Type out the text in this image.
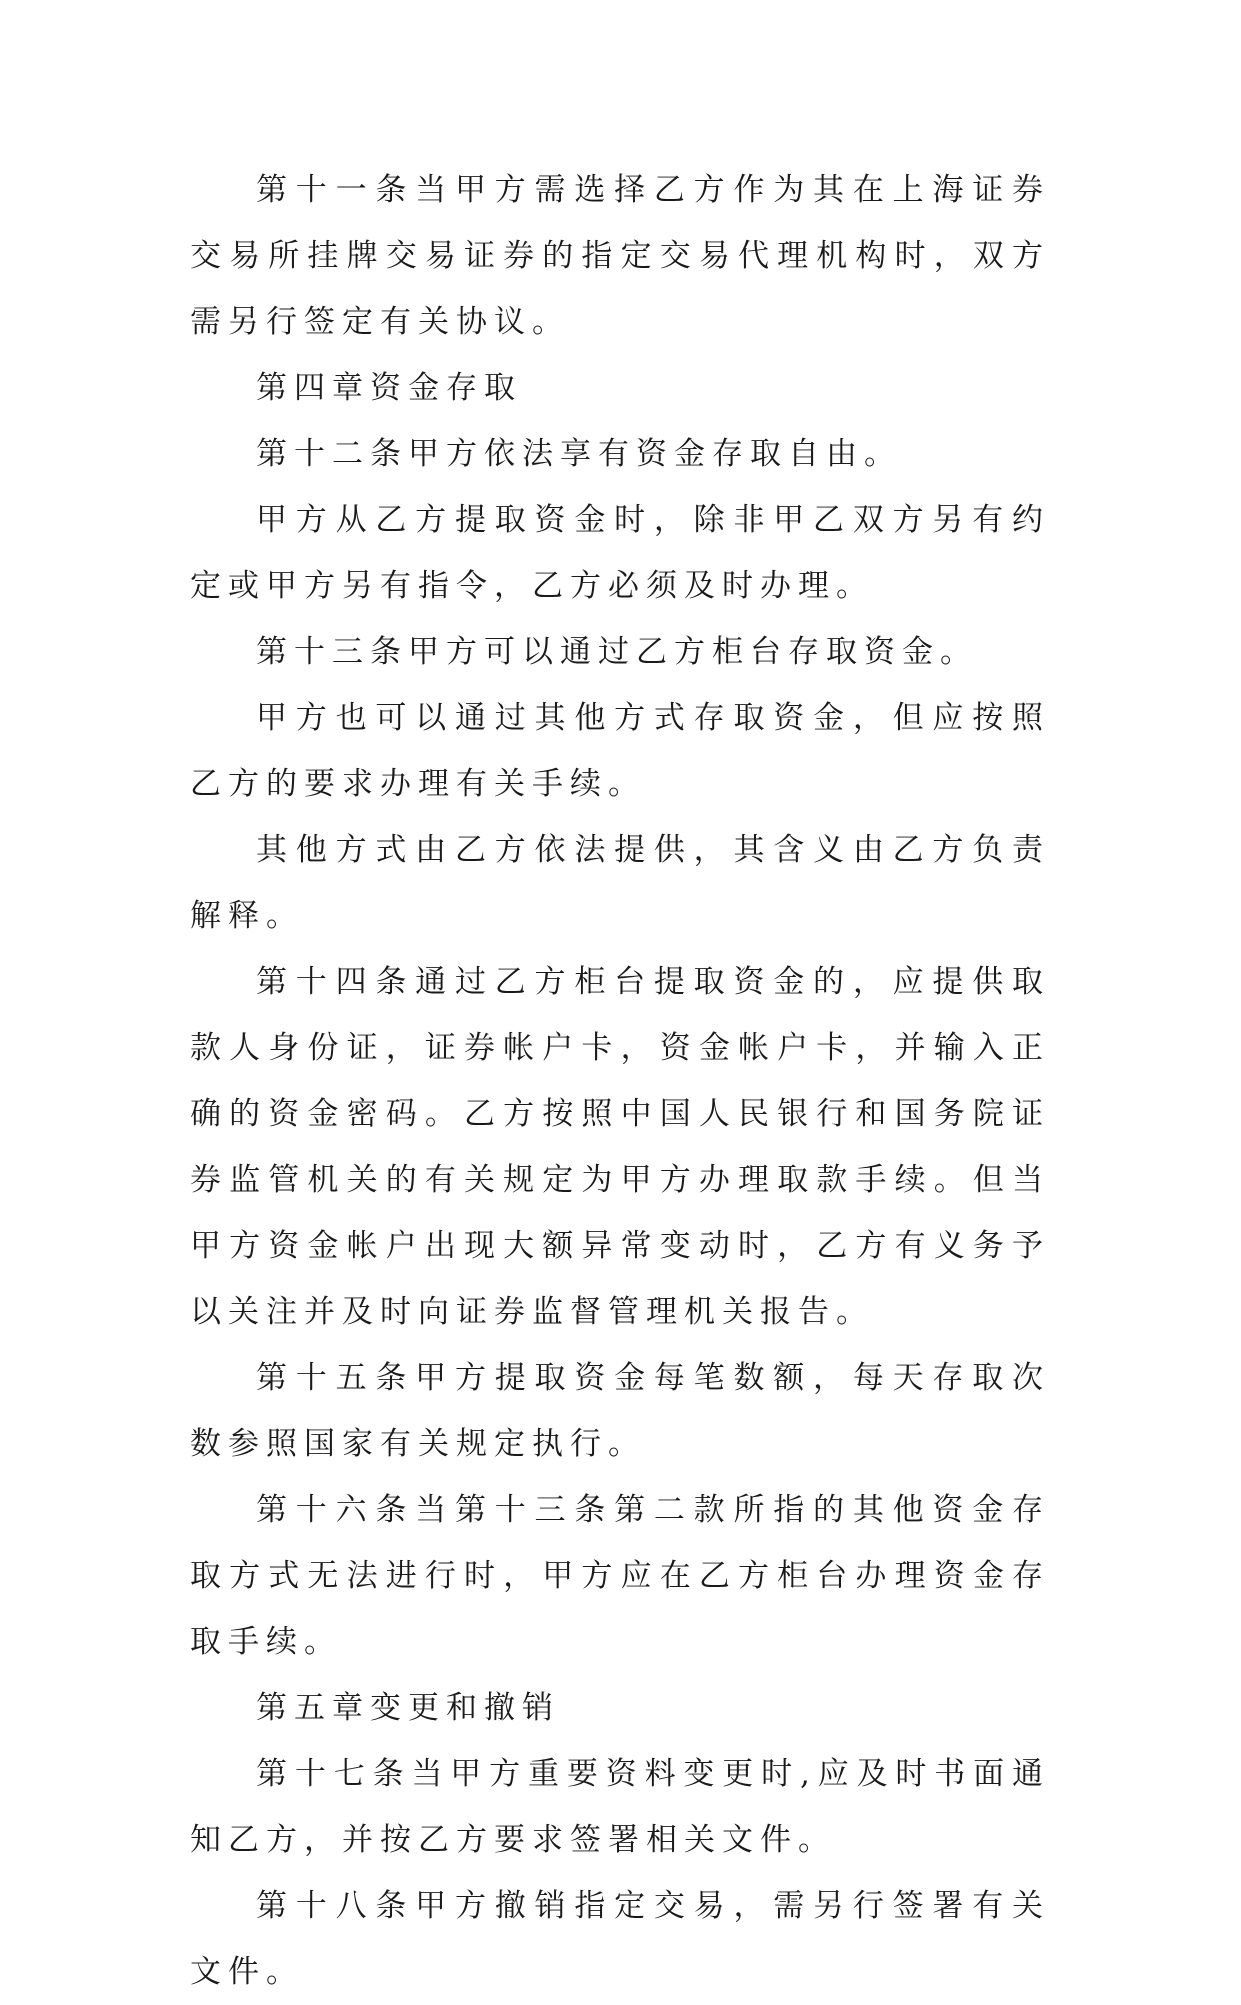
第十一条当甲方需选择乙方作为其在上海证券交易所挂牌交易证券的指定交易代理机构时，双方需另行签定有关协议。

第四章资金存取

第十二条甲方依法享有资金存取自由。

甲方从乙方提取资金时，除非甲乙双方另有约定或甲方另有指令，乙方必须及时办理。

第十三条甲方可以通过乙方柜台存取资金。

甲方也可以通过其他方式存取资金，但应按照乙方的要求办理有关手续。

其他方式由乙方依法提供，其含义由乙方负责解释。

第十四条通过乙方柜台提取资金的，应提供取款人身份证，证券帐户卡，资金帐户卡，并输入正确的资金密码。乙方按照中国人民银行和国务院证券监管机关的有关规定为甲方办理取款手续。但当甲方资金帐户出现大额异常变动时，乙方有义务予以关注并及时向证券监督管理机关报告。

第十五条甲方提取资金每笔数额，每天存取次数参照国家有关规定执行。

第十六条当第十三条第二款所指的其他资金存取方式无法进行时，甲方应在乙方柜台办理资金存取手续。

第五章变更和撤销

第十七条当甲方重要资料变更时,应及时书面通知乙方，并按乙方要求签署相关文件。

第十八条甲方撤销指定交易，需另行签署有关文件。
